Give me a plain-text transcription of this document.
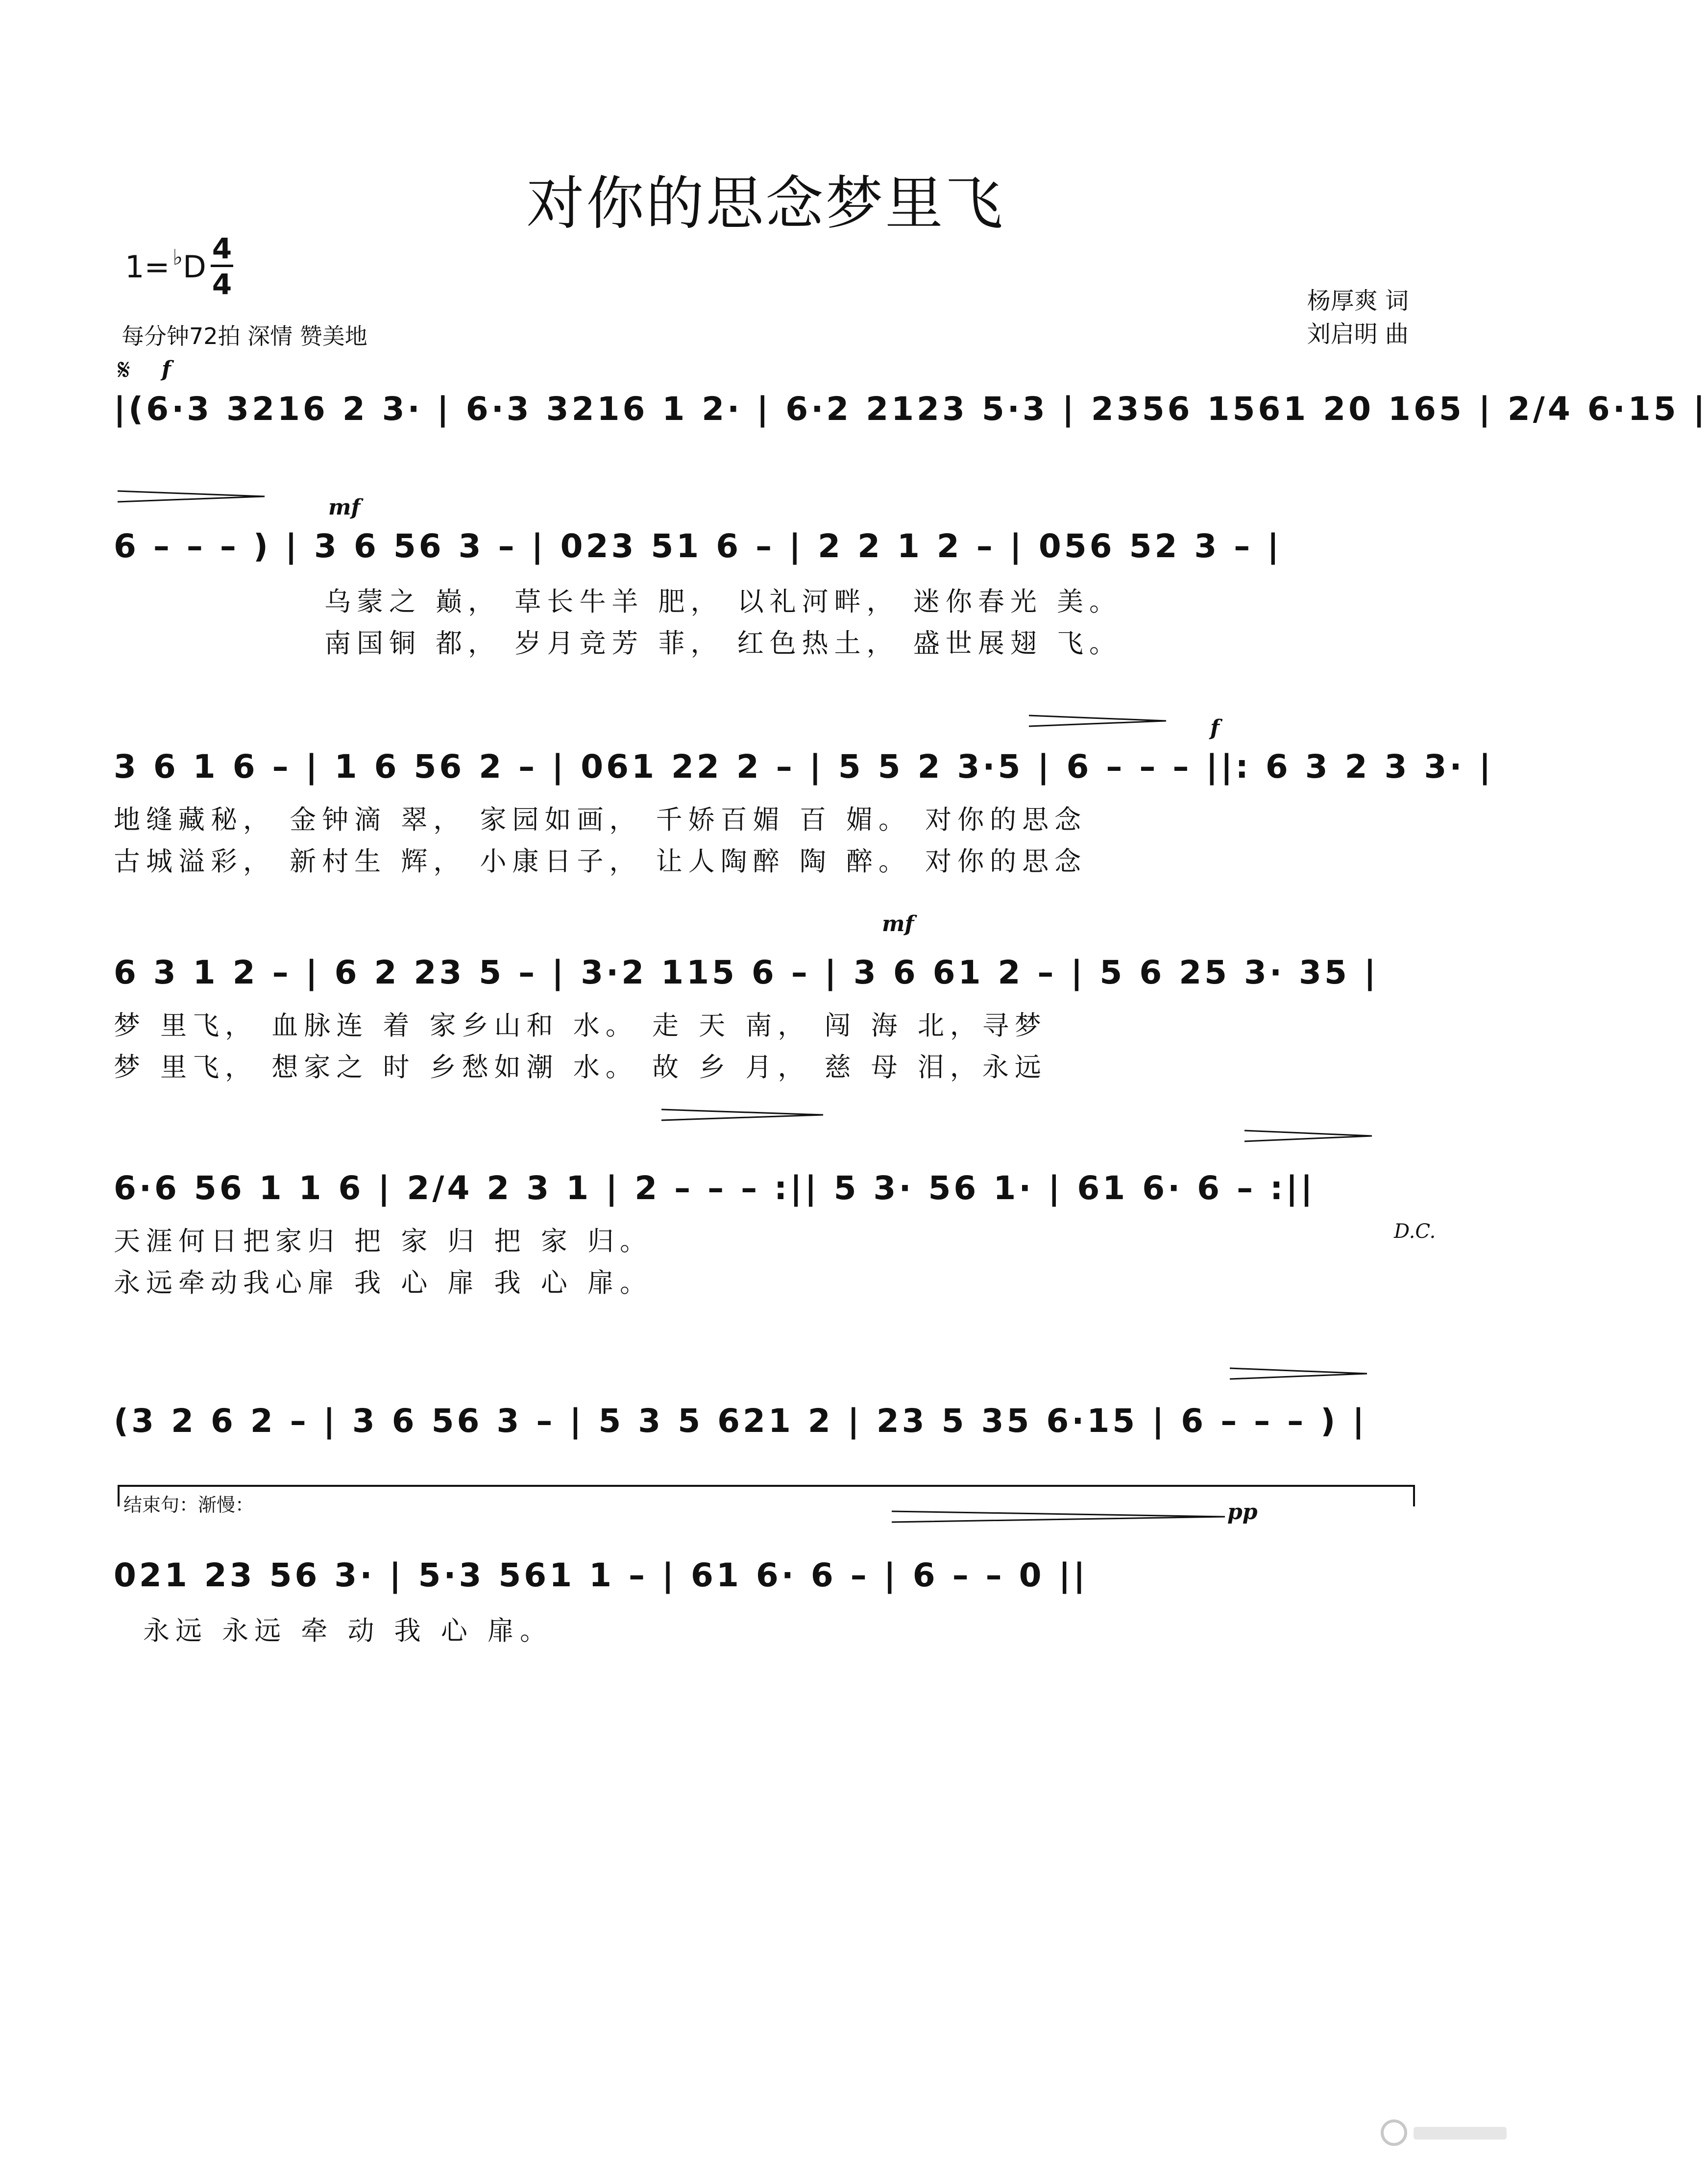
对你的思念梦里飞
$1= ^♭D \frac{4}{4}$
每分钟72拍 深情 赞美地
杨厚爽 词
刘启明 曲
𝄋 f
mf
f
mf
pp
|(6·3 3216 2 3· | 6·3 3216 1 2· | 6·2 2123 5·3 | 2356 1561 20 165 | 2/4 6·15 |
6 – – – ) | 3 6 56 3 – | 023 51 6 – | 2 2 1 2 – | 056 52 3 – |
乌蒙之 巅， 草长牛羊 肥， 以礼河畔， 迷你春光 美。
南国铜 都， 岁月竞芳 菲， 红色热土， 盛世展翅 飞。
3 6 1 6 – | 1 6 56 2 – | 061 22 2 – | 5 5 2 3·5 | 6 – – – ||: 6 3 2 3 3· |
地缝藏秘， 金钟滴 翠， 家园如画， 千娇百媚 百 媚。 对你的思念
古城溢彩， 新村生 辉， 小康日子， 让人陶醉 陶 醉。 对你的思念
6 3 1 2 – | 6 2 23 5 – | 3·2 115 6 – | 3 6 61 2 – | 5 6 25 3· 35 |
梦 里飞， 血脉连 着 家乡山和 水。 走 天 南， 闯 海 北，寻梦
梦 里飞， 想家之 时 乡愁如潮 水。 故 乡 月， 慈 母 泪，永远
6·6 56 1 1 6 | 2/4 2 3 1 | 2 – – – :|| 5 3· 56 1· | 61 6· 6 – :||
天涯何日把家归 把 家 归 把 家 归。
永远牵动我心扉 我 心 扉 我 心 扉。
D.C.
(3 2 6 2 – | 3 6 56 3 – | 5 3 5 621 2 | 23 5 35 6·15 | 6 – – – ) |
结束句：渐慢：
021 23 56 3· | 5·3 561 1 – | 61 6· 6 – | 6 – – 0 ||
永远 永远 牵 动 我 心 扉。
